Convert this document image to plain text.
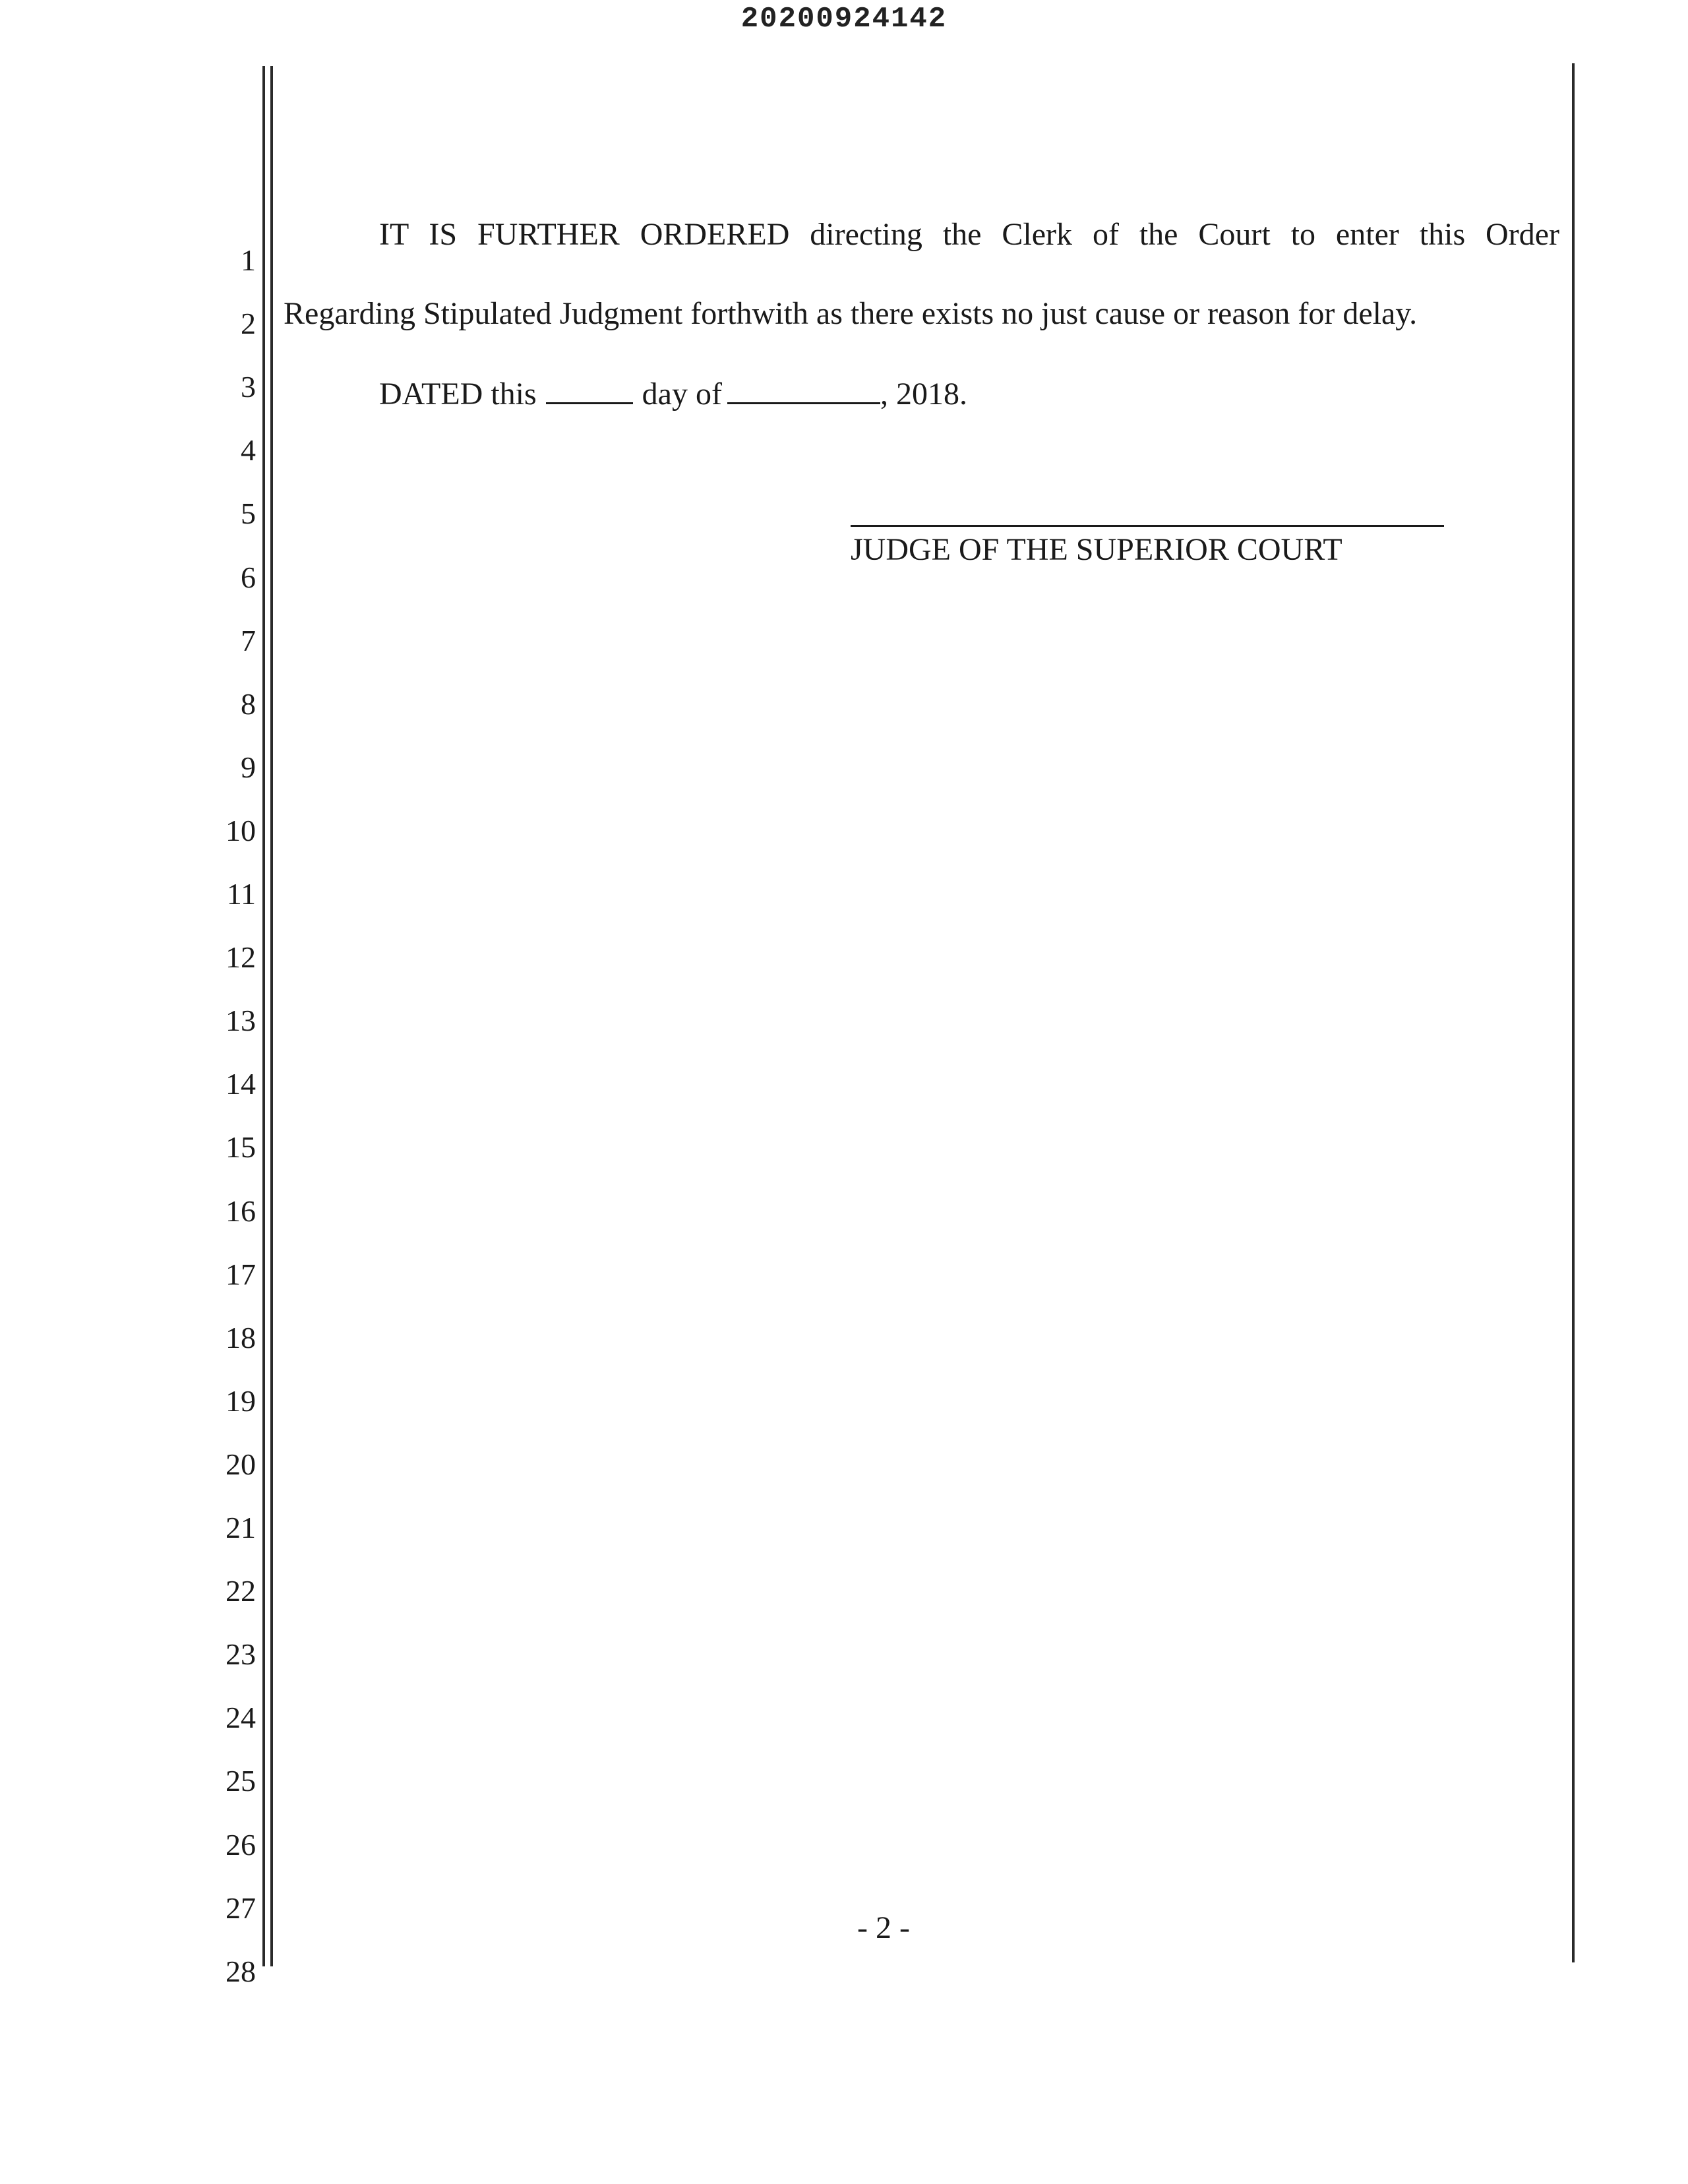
20200924142
1
2
3
4
5
6
7
8
9
10
11
12
13
14
15
16
17
18
19
20
21
22
23
24
25
26
27
28
IT IS FURTHER ORDERED directing the Clerk of the Court to enter this Order
Regarding Stipulated Judgment forthwith as there exists no just cause or reason for delay.
DATED this	day of	, 2018.
JUDGE OF THE SUPERIOR COURT
- 2 -
